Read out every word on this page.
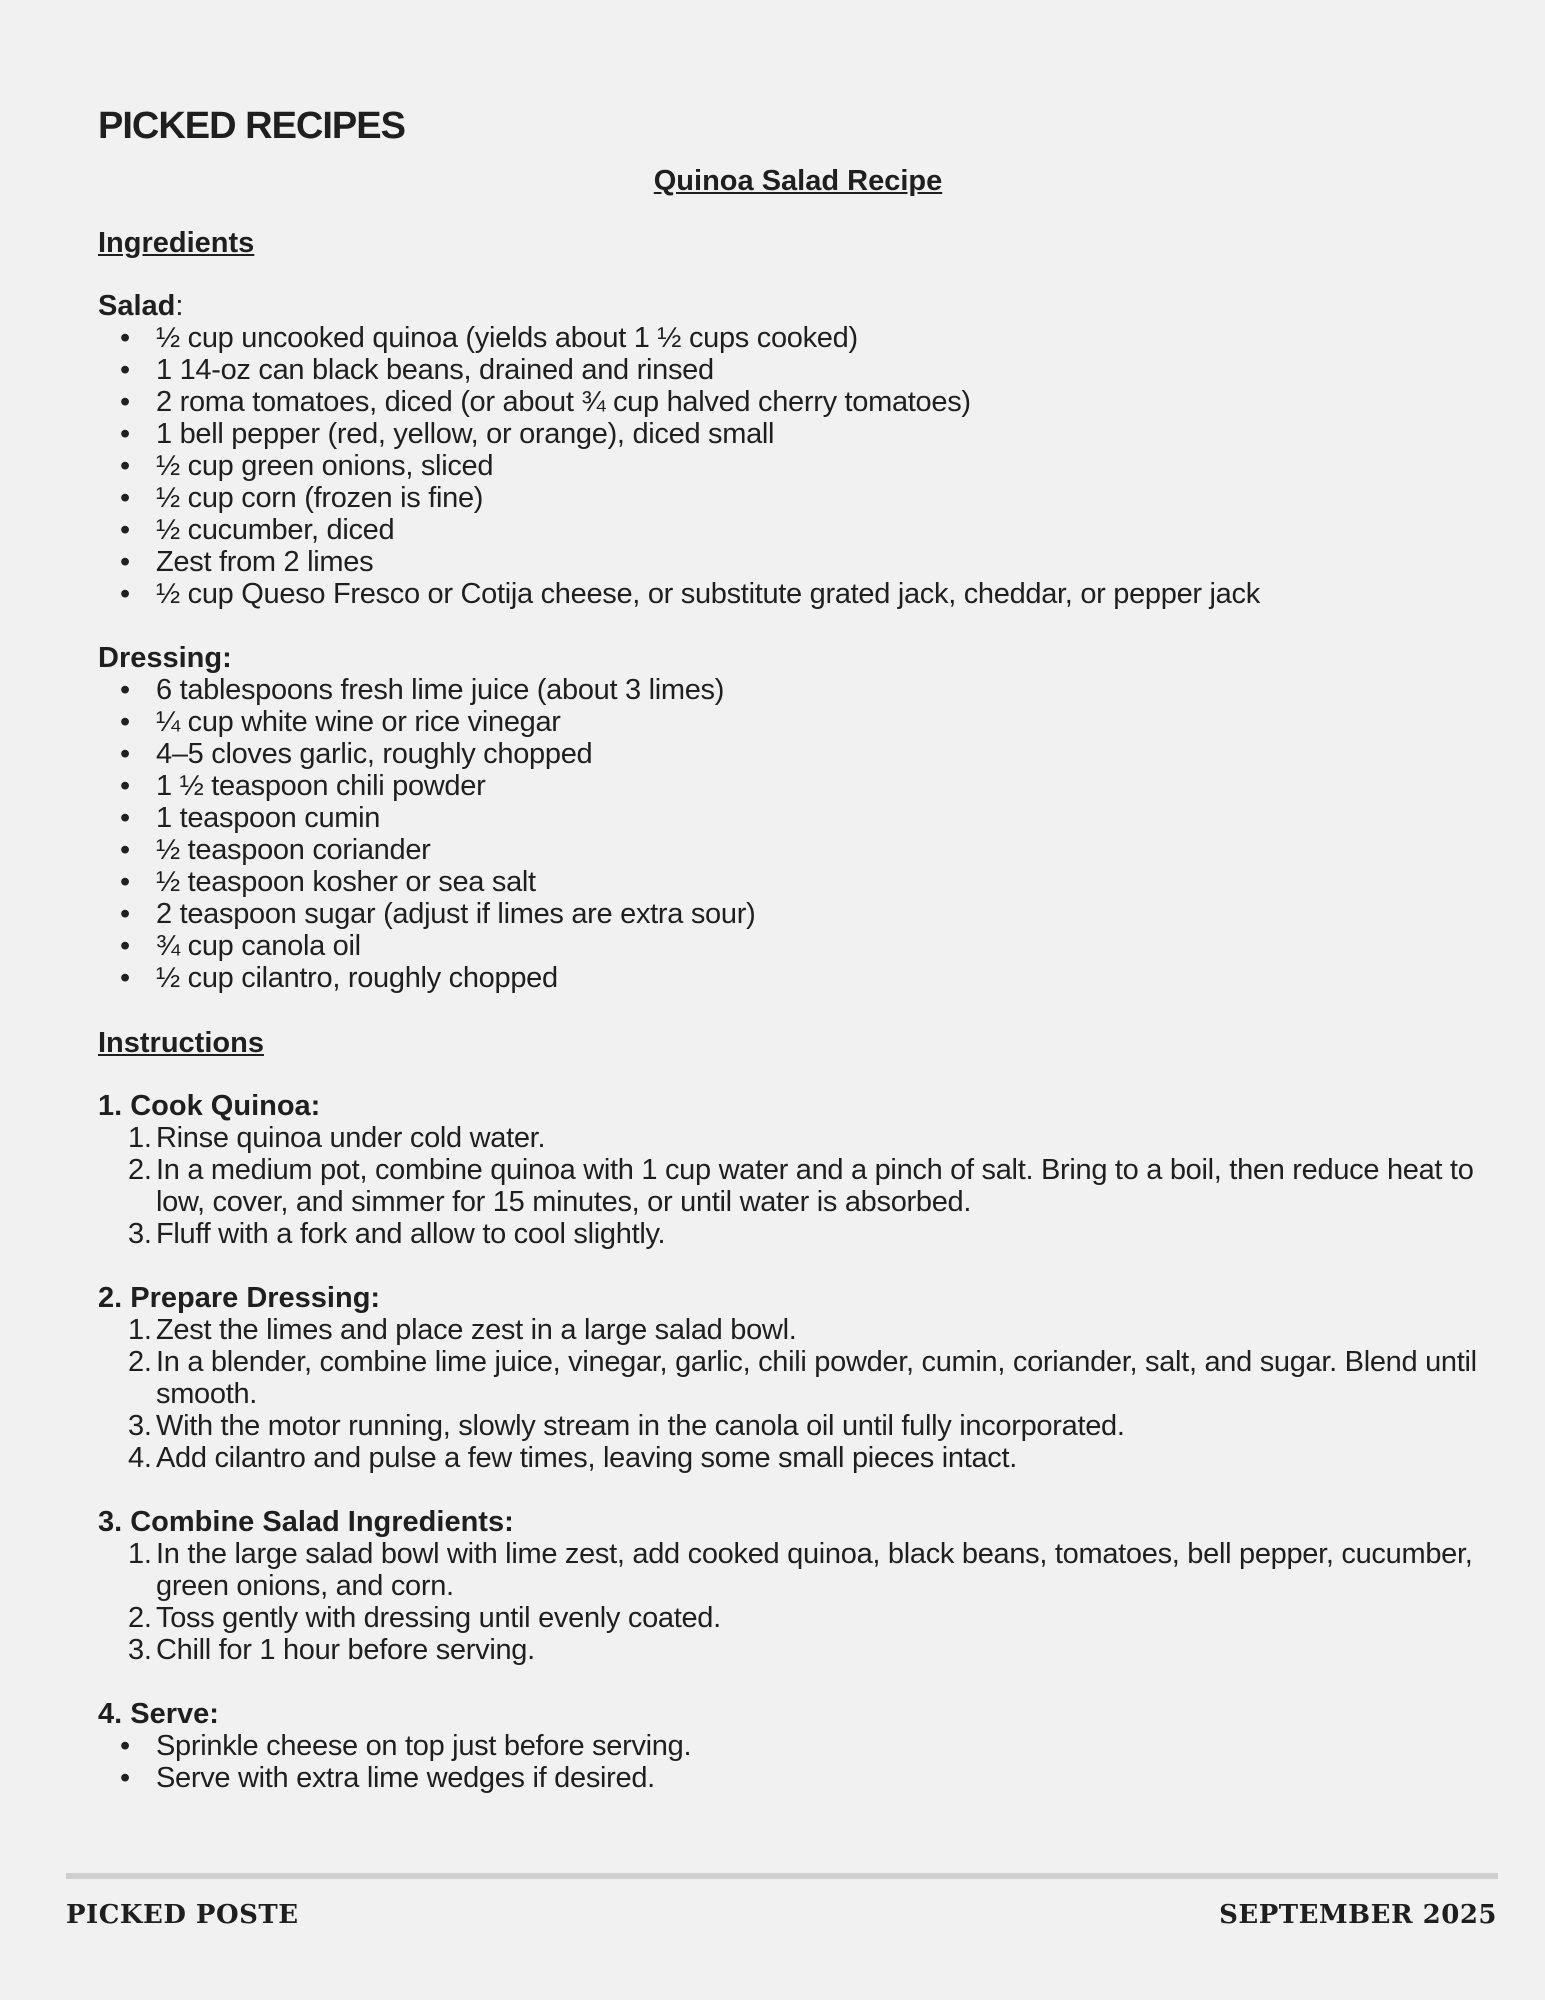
PICKED RECIPES
Quinoa Salad Recipe
Ingredients
Salad:
• ½ cup uncooked quinoa (yields about 1 ½ cups cooked)
• 1 14-oz can black beans, drained and rinsed
• 2 roma tomatoes, diced (or about ¾ cup halved cherry tomatoes)
• 1 bell pepper (red, yellow, or orange), diced small
• ½ cup green onions, sliced
• ½ cup corn (frozen is fine)
• ½ cucumber, diced
• Zest from 2 limes
• ½ cup Queso Fresco or Cotija cheese, or substitute grated jack, cheddar, or pepper jack
Dressing:
• 6 tablespoons fresh lime juice (about 3 limes)
• ¼ cup white wine or rice vinegar
• 4–5 cloves garlic, roughly chopped
• 1 ½ teaspoon chili powder
• 1 teaspoon cumin
• ½ teaspoon coriander
• ½ teaspoon kosher or sea salt
• 2 teaspoon sugar (adjust if limes are extra sour)
• ¾ cup canola oil
• ½ cup cilantro, roughly chopped
Instructions
1. Cook Quinoa:
Rinse quinoa under cold water.
In a medium pot, combine quinoa with 1 cup water and a pinch of salt. Bring to a boil, then reduce heat to low, cover, and simmer for 15 minutes, or until water is absorbed.
Fluff with a fork and allow to cool slightly.
2. Prepare Dressing:
Zest the limes and place zest in a large salad bowl.
In a blender, combine lime juice, vinegar, garlic, chili powder, cumin, coriander, salt, and sugar. Blend until smooth.
With the motor running, slowly stream in the canola oil until fully incorporated.
Add cilantro and pulse a few times, leaving some small pieces intact.
3. Combine Salad Ingredients:
In the large salad bowl with lime zest, add cooked quinoa, black beans, tomatoes, bell pepper, cucumber, green onions, and corn.
Toss gently with dressing until evenly coated.
Chill for 1 hour before serving.
4. Serve:
• Sprinkle cheese on top just before serving.
• Serve with extra lime wedges if desired.
PICKED POSTE	SEPTEMBER 2025
